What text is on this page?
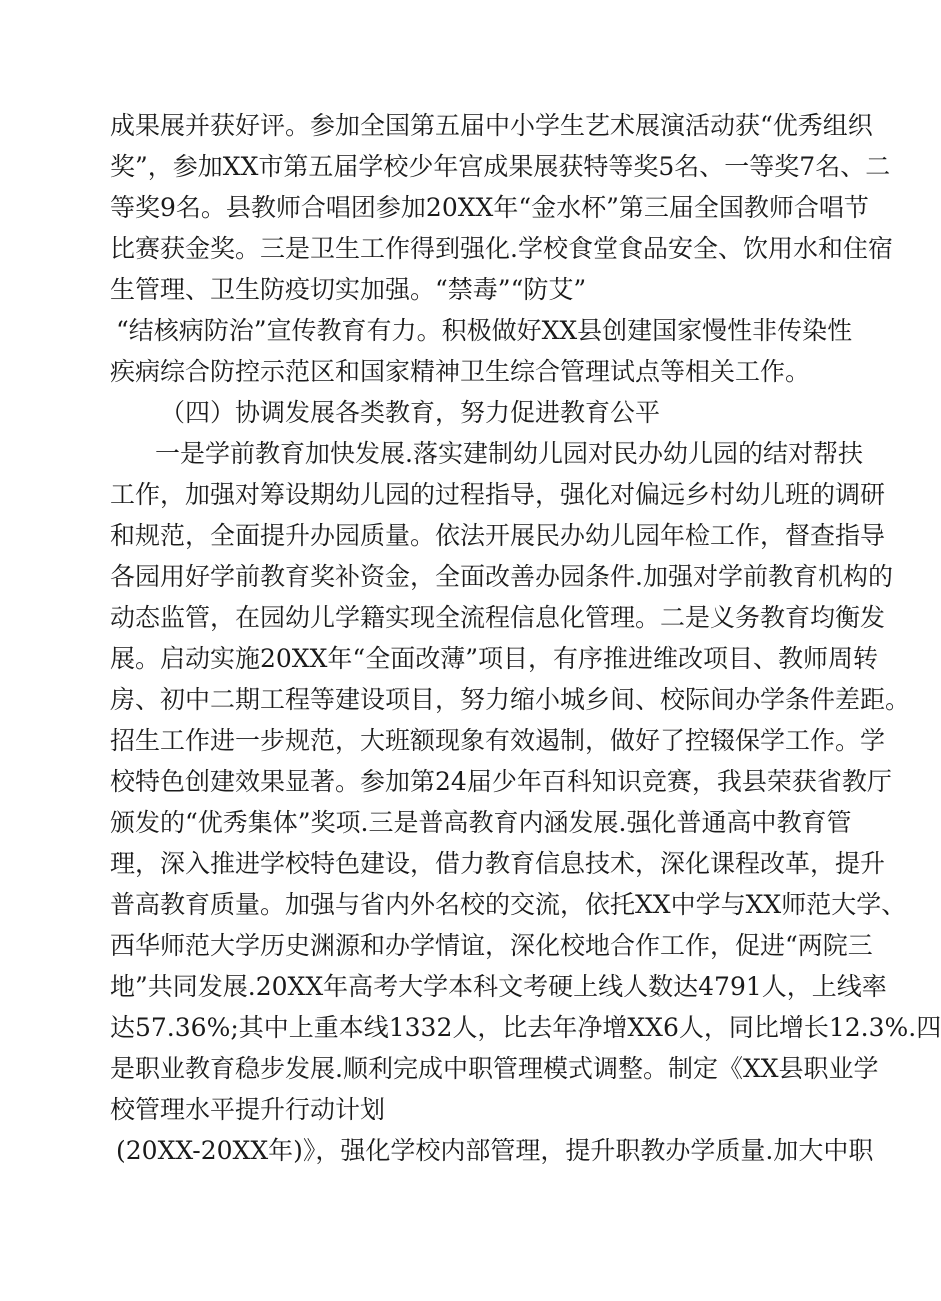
成果展并获好评。参加全国第五届中小学生艺术展演活动获“优秀组织
奖”，参加XX市第五届学校少年宫成果展获特等奖5名、一等奖7名、二
等奖9名。县教师合唱团参加20XX年“金水杯”第三届全国教师合唱节
比赛获金奖。三是卫生工作得到强化.学校食堂食品安全、饮用水和住宿
生管理、卫生防疫切实加强。“禁毒”“防艾”
“结核病防治”宣传教育有力。积极做好XX县创建国家慢性非传染性
疾病综合防控示范区和国家精神卫生综合管理试点等相关工作。
（四）协调发展各类教育，努力促进教育公平
一是学前教育加快发展.落实建制幼儿园对民办幼儿园的结对帮扶
工作，加强对筹设期幼儿园的过程指导，强化对偏远乡村幼儿班的调研
和规范，全面提升办园质量。依法开展民办幼儿园年检工作，督查指导
各园用好学前教育奖补资金，全面改善办园条件.加强对学前教育机构的
动态监管，在园幼儿学籍实现全流程信息化管理。二是义务教育均衡发
展。启动实施20XX年“全面改薄”项目，有序推进维改项目、教师周转
房、初中二期工程等建设项目，努力缩小城乡间、校际间办学条件差距。
招生工作进一步规范，大班额现象有效遏制，做好了控辍保学工作。学
校特色创建效果显著。参加第24届少年百科知识竞赛，我县荣获省教厅
颁发的“优秀集体”奖项.三是普高教育内涵发展.强化普通高中教育管
理，深入推进学校特色建设，借力教育信息技术，深化课程改革，提升
普高教育质量。加强与省内外名校的交流，依托XX中学与XX师范大学、
西华师范大学历史渊源和办学情谊，深化校地合作工作，促进“两院三
地”共同发展.20XX年高考大学本科文考硬上线人数达4791人，上线率
达57.36%;其中上重本线1332人，比去年净增XX6人，同比增长12.3%.四
是职业教育稳步发展.顺利完成中职管理模式调整。制定《XX县职业学
校管理水平提升行动计划
(20XX-20XX年)》，强化学校内部管理，提升职教办学质量.加大中职
